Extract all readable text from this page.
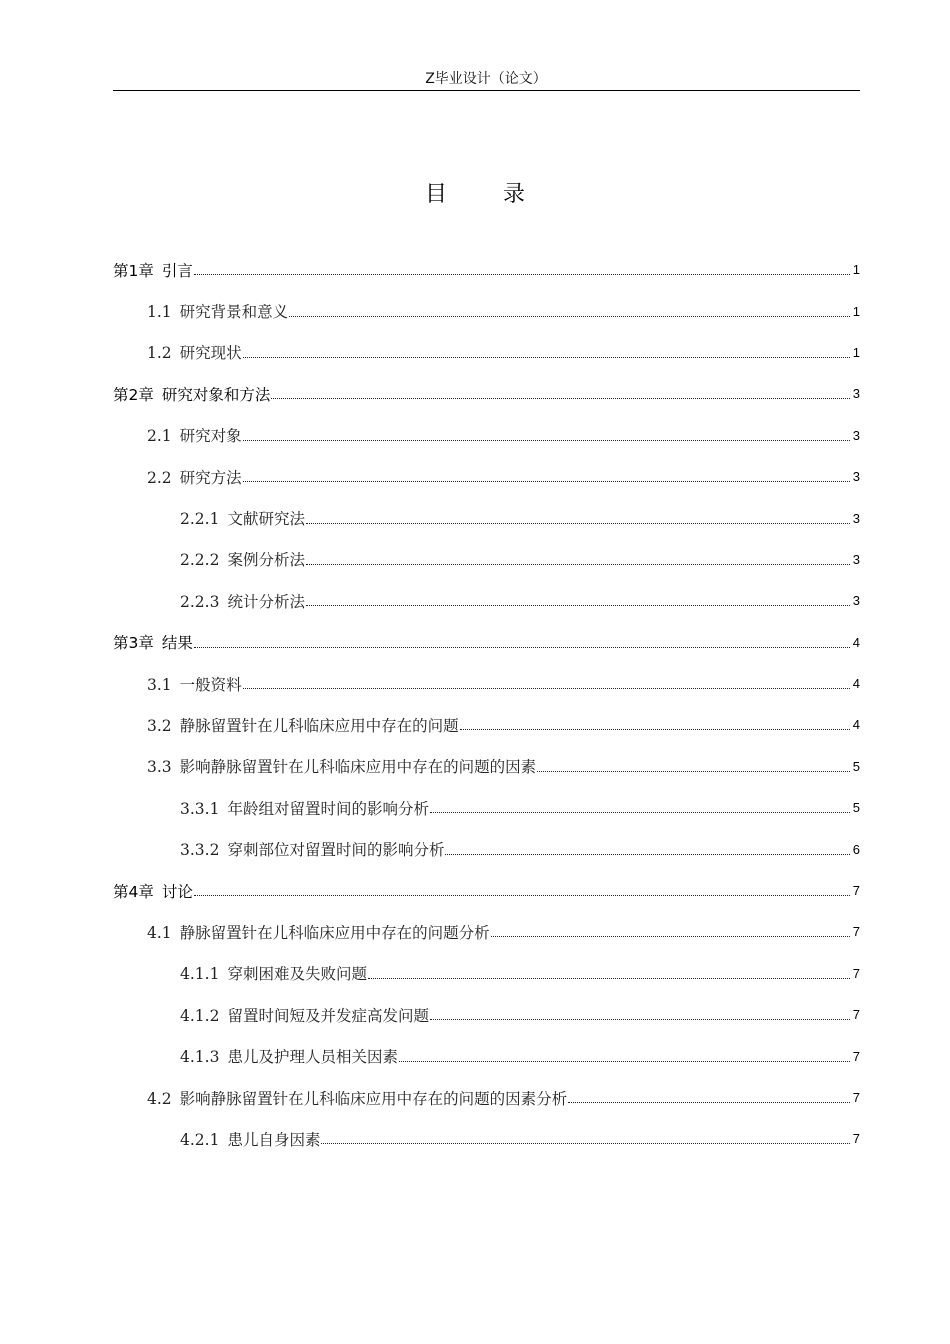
Z毕业设计（论文）
目	录
第1章 引言	1
1.1 研究背景和意义	1
1.2 研究现状	1
第2章 研究对象和方法	3
2.1 研究对象	3
2.2 研究方法	3
2.2.1 文献研究法	3
2.2.2 案例分析法	3
2.2.3 统计分析法	3
第3章 结果	4
3.1 一般资料	4
3.2 静脉留置针在儿科临床应用中存在的问题	4
3.3 影响静脉留置针在儿科临床应用中存在的问题的因素	5
3.3.1 年龄组对留置时间的影响分析	5
3.3.2 穿刺部位对留置时间的影响分析	6
第4章 讨论	7
4.1 静脉留置针在儿科临床应用中存在的问题分析	7
4.1.1 穿刺困难及失败问题	7
4.1.2 留置时间短及并发症高发问题	7
4.1.3 患儿及护理人员相关因素	7
4.2 影响静脉留置针在儿科临床应用中存在的问题的因素分析	7
4.2.1 患儿自身因素	7
